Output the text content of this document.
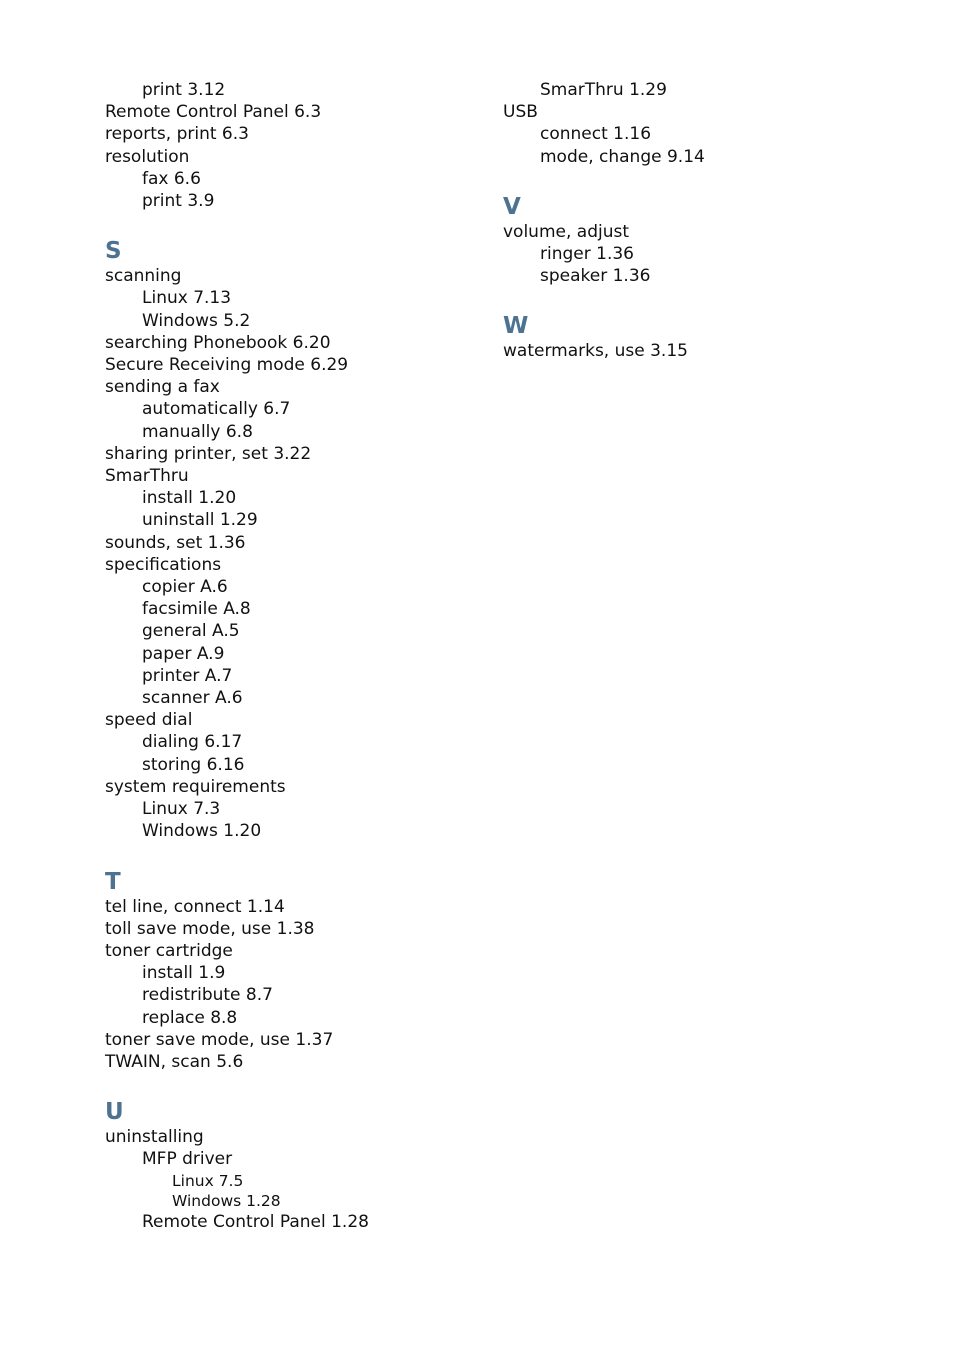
print 3.12
Remote Control Panel 6.3
reports, print 6.3
resolution
fax 6.6
print 3.9
S
scanning
Linux 7.13
Windows 5.2
searching Phonebook 6.20
Secure Receiving mode 6.29
sending a fax
automatically 6.7
manually 6.8
sharing printer, set 3.22
SmarThru
install 1.20
uninstall 1.29
sounds, set 1.36
specifications
copier A.6
facsimile A.8
general A.5
paper A.9
printer A.7
scanner A.6
speed dial
dialing 6.17
storing 6.16
system requirements
Linux 7.3
Windows 1.20
T
tel line, connect 1.14
toll save mode, use 1.38
toner cartridge
install 1.9
redistribute 8.7
replace 8.8
toner save mode, use 1.37
TWAIN, scan 5.6
U
uninstalling
MFP driver
Linux 7.5
Windows 1.28
Remote Control Panel 1.28
SmarThru 1.29
USB
connect 1.16
mode, change 9.14
V
volume, adjust
ringer 1.36
speaker 1.36
W
watermarks, use 3.15
